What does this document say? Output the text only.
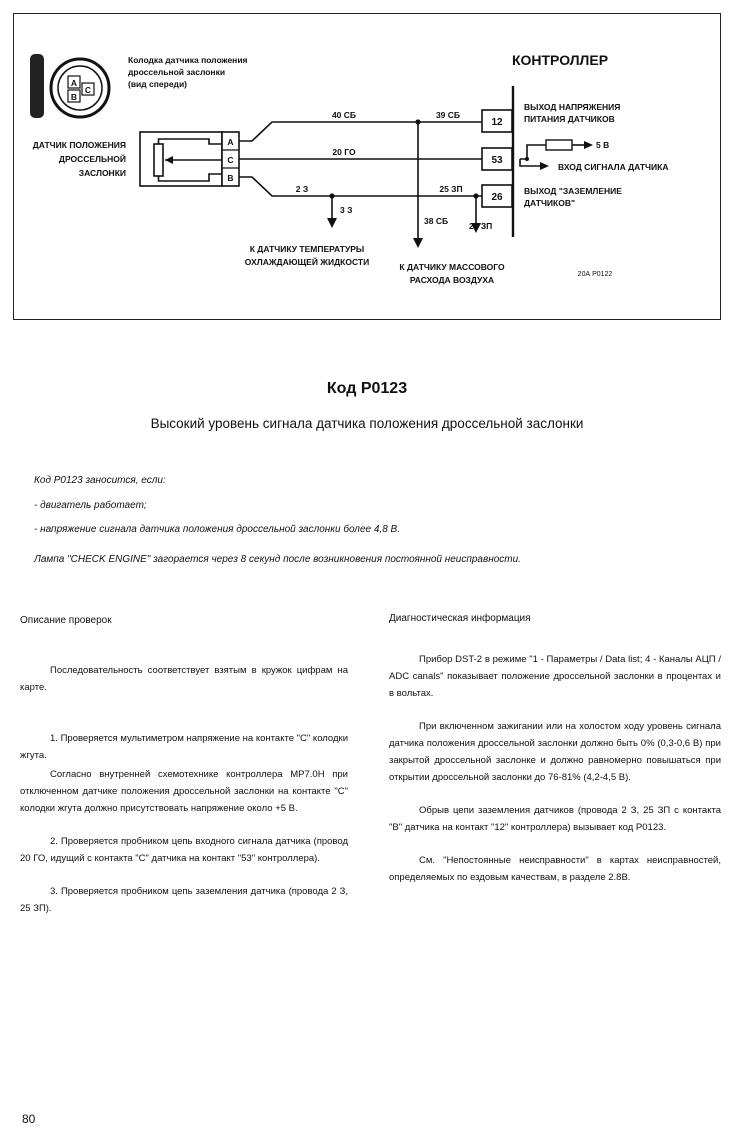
A
B
C
Колодка датчика положения
дроссельной заслонки
(вид спереди)
ДАТЧИК ПОЛОЖЕНИЯ
ДРОССЕЛЬНОЙ
ЗАСЛОНКИ
A
C
B
40 СБ	39 СБ
20 ГО
2 З	25 ЗП
3 З
38 СБ 26 ЗП
КОНТРОЛЛЕР
12
53
26
ВЫХОД НАПРЯЖЕНИЯ
ПИТАНИЯ ДАТЧИКОВ
5 В
ВХОД СИГНАЛА ДАТЧИКА
ВЫХОД "ЗАЗЕМЛЕНИЕ
ДАТЧИКОВ"
К ДАТЧИКУ ТЕМПЕРАТУРЫ
ОХЛАЖДАЮЩЕЙ ЖИДКОСТИ	К ДАТЧИКУ МАССОВОГО
РАСХОДА ВОЗДУХА
20А Р0122
Код Р0123
Высокий уровень сигнала датчика положения дроссельной заслонки

Код Р0123 заносится, если:

- двигатель работает;

- напряжение сигнала датчика положения дроссельной заслонки более 4,8 В.

Лампа "CHECK ENGINE" загорается через 8 секунд после возникновения постоянной неисправности.

Описание проверок

Последовательность соответствует взятым в кружок цифрам на карте.

1. Проверяется мультиметром напряжение на контакте "С" колодки жгута.

Согласно внутренней схемотехнике контроллера МР7.0Н при отключенном датчике положения дроссельной заслонки на контакте "С" колодки жгута должно присутствовать напряжение около +5 В.

2. Проверяется пробником цепь входного сигнала датчика (провод 20 ГО, идущий с контакта "С" датчика на контакт "53" контроллера).

3. Проверяется пробником цепь заземления датчика (провода 2 З, 25 ЗП).

Диагностическая информация

Прибор DST-2 в режиме "1 - Параметры / Data list; 4 - Каналы АЦП / ADC canals" показывает положение дроссельной заслонки в процентах и в вольтах.

При включенном зажигании или на холостом ходу уровень сигнала датчика положения дроссельной заслонки должно быть 0% (0,3-0,6 В) при закрытой дроссельной заслонке и должно равномерно повышаться при открытии дроссельной заслонки до 76-81% (4,2-4,5 В).

Обрыв цепи заземления датчиков (провода 2 З, 25 ЗП с контакта "В" датчика на контакт "12" контроллера) вызывает код Р0123.

См. "Непостоянные неисправности" в картах неисправностей, определяемых по ездовым качествам, в разделе 2.8В.

80
